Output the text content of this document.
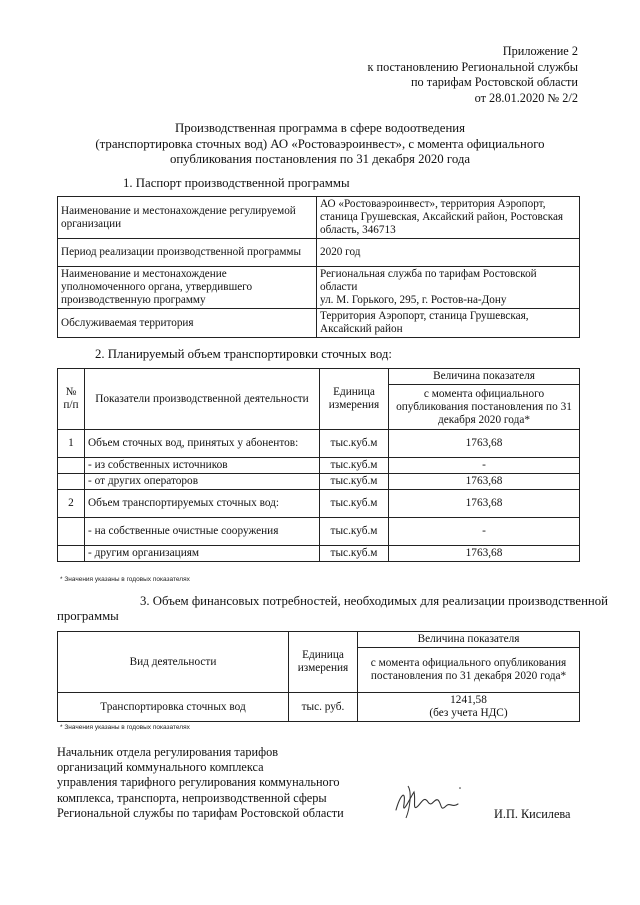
Приложение 2
к постановлению Региональной службы
по тарифам Ростовской области
от 28.01.2020 № 2/2
Производственная программа в сфере водоотведения
(транспортировка сточных вод) АО «Ростоваэроинвест», с момента официального
опубликования постановления по 31 декабря 2020 года
1. Паспорт производственной программы
Наименование и местонахождение регулируемой организации	АО «Ростоваэроинвест», территория Аэропорт, станица Грушевская, Аксайский район, Ростовская область, 346713
Период реализации производственной программы	2020 год
Наименование и местонахождение уполномоченного органа, утвердившего производственную программу	Региональная служба по тарифам Ростовской области
ул. М. Горького, 295, г. Ростов-на-Дону

Обслуживаемая территория	Территория Аэропорт, станица Грушевская, Аксайский район
2. Планируемый объем транспортировки сточных вод:
№ п/п	Показатели производственной деятельности	Единица измерения	Величина показателя
			с момента официального опубликования постановления по 31 декабря 2020 года*
1	Объем сточных вод, принятых у абонентов:	тыс.куб.м	1763,68
	- из собственных источников	тыс.куб.м	-
	- от других операторов	тыс.куб.м	1763,68
2	Объем транспортируемых сточных вод:	тыс.куб.м	1763,68
	- на собственные очистные сооружения	тыс.куб.м	-
	- другим организациям	тыс.куб.м	1763,68
* Значения указаны в годовых показателях
3. Объем финансовых потребностей, необходимых для реализации производственной
программы
Вид деятельности	Единица измерения	Величина показателя
		с момента официального опубликования постановления по 31 декабря 2020 года*
Транспортировка сточных вод	тыс. руб.	1241,58
(без учета НДС)
* Значения указаны в годовых показателях
Начальник отдела регулирования тарифов
организаций коммунального комплекса
управления тарифного регулирования коммунального
комплекса, транспорта, непроизводственной сферы
Региональной службы по тарифам Ростовской области	И.П. Кисилева
